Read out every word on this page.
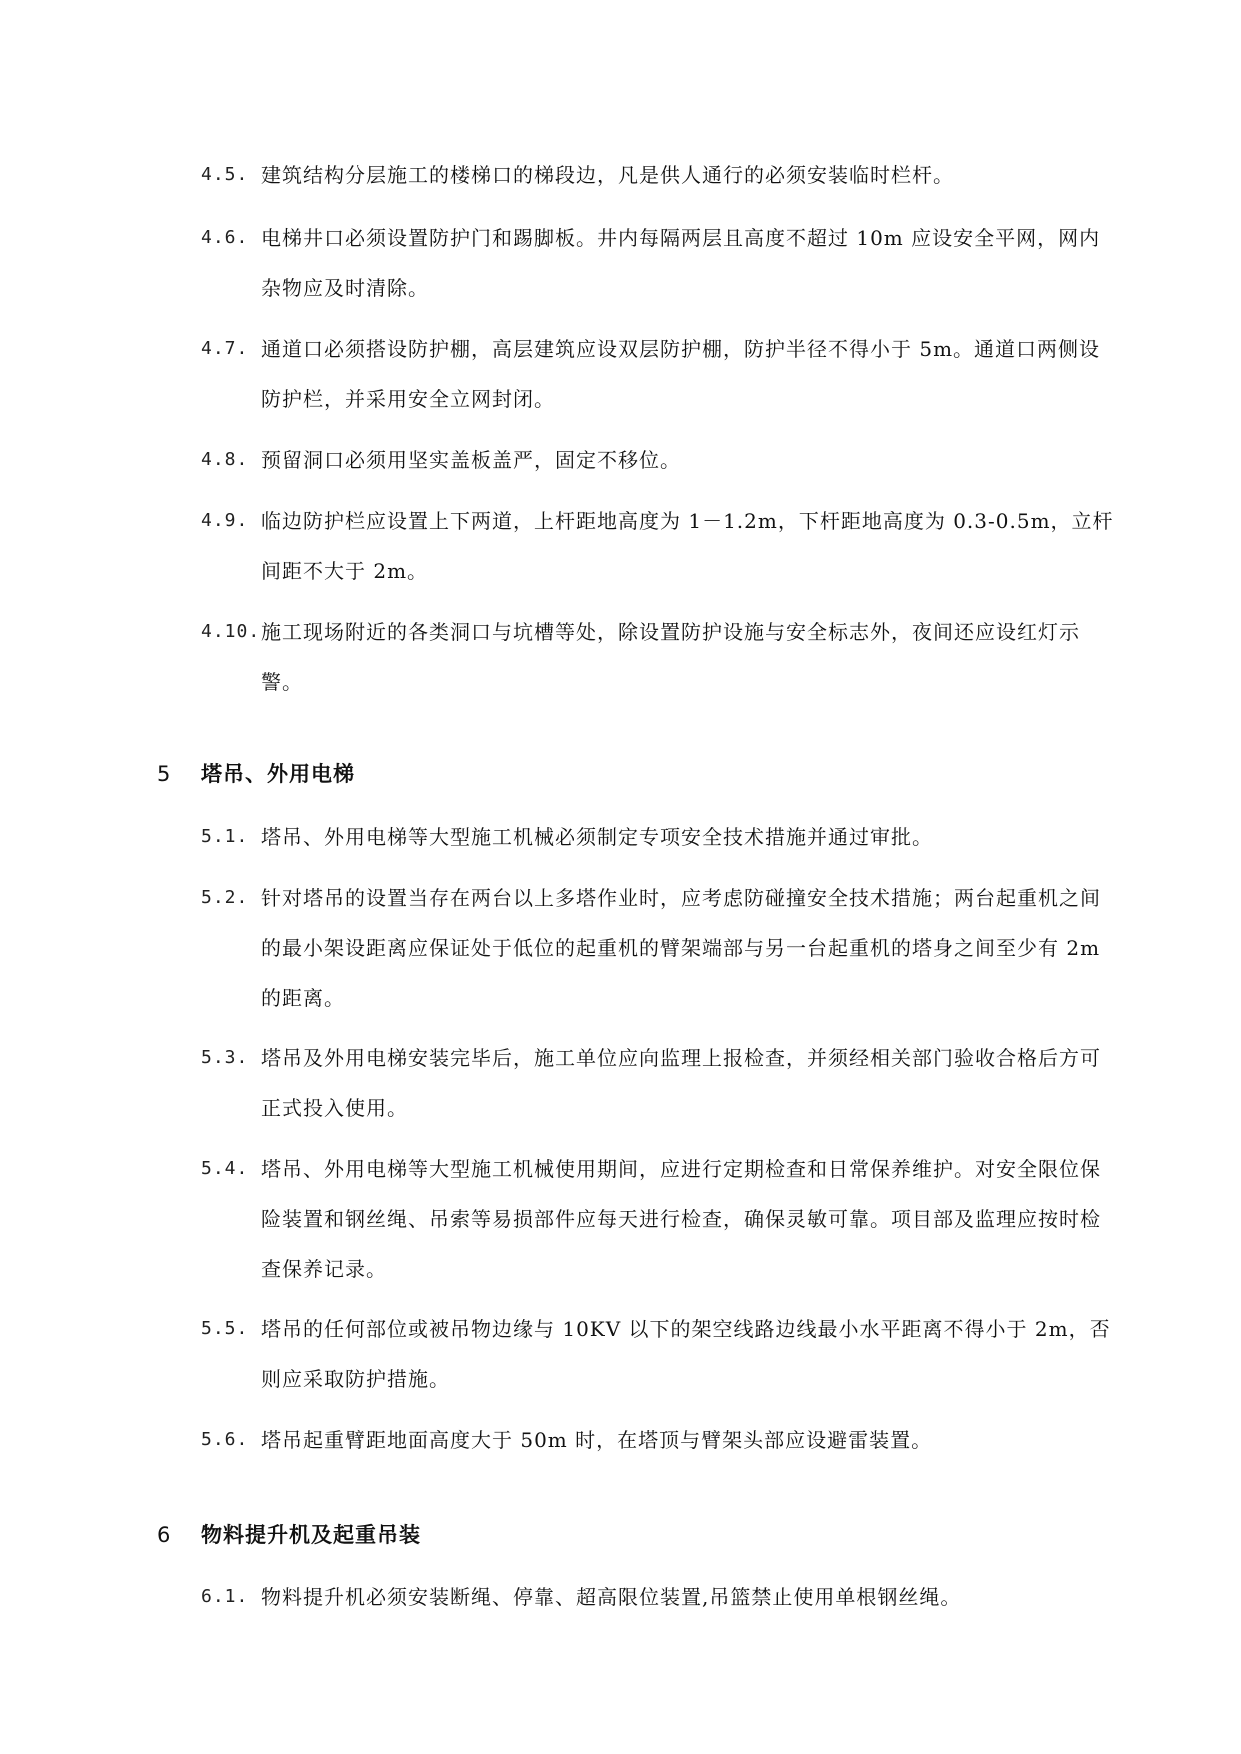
4.5. 建筑结构分层施工的楼梯口的梯段边，凡是供人通行的必须安装临时栏杆。
4.6. 电梯井口必须设置防护门和踢脚板。井内每隔两层且高度不超过 10m 应设安全平网，网内杂物应及时清除。
4.7. 通道口必须搭设防护棚，高层建筑应设双层防护棚，防护半径不得小于 5m。通道口两侧设防护栏，并采用安全立网封闭。
4.8. 预留洞口必须用坚实盖板盖严，固定不移位。
4.9. 临边防护栏应设置上下两道，上杆距地高度为 1－1.2m，下杆距地高度为 0.3-0.5m，立杆间距不大于 2m。
4.10. 施工现场附近的各类洞口与坑槽等处，除设置防护设施与安全标志外，夜间还应设红灯示警。
5 塔吊、外用电梯
5.1. 塔吊、外用电梯等大型施工机械必须制定专项安全技术措施并通过审批。
5.2. 针对塔吊的设置当存在两台以上多塔作业时，应考虑防碰撞安全技术措施；两台起重机之间的最小架设距离应保证处于低位的起重机的臂架端部与另一台起重机的塔身之间至少有 2m 的距离。
5.3. 塔吊及外用电梯安装完毕后，施工单位应向监理上报检查，并须经相关部门验收合格后方可正式投入使用。
5.4. 塔吊、外用电梯等大型施工机械使用期间，应进行定期检查和日常保养维护。对安全限位保险装置和钢丝绳、吊索等易损部件应每天进行检查，确保灵敏可靠。项目部及监理应按时检查保养记录。
5.5. 塔吊的任何部位或被吊物边缘与 10KV 以下的架空线路边线最小水平距离不得小于 2m，否则应采取防护措施。
5.6. 塔吊起重臂距地面高度大于 50m 时，在塔顶与臂架头部应设避雷装置。
6 物料提升机及起重吊装
6.1. 物料提升机必须安装断绳、停靠、超高限位装置,吊篮禁止使用单根钢丝绳。
